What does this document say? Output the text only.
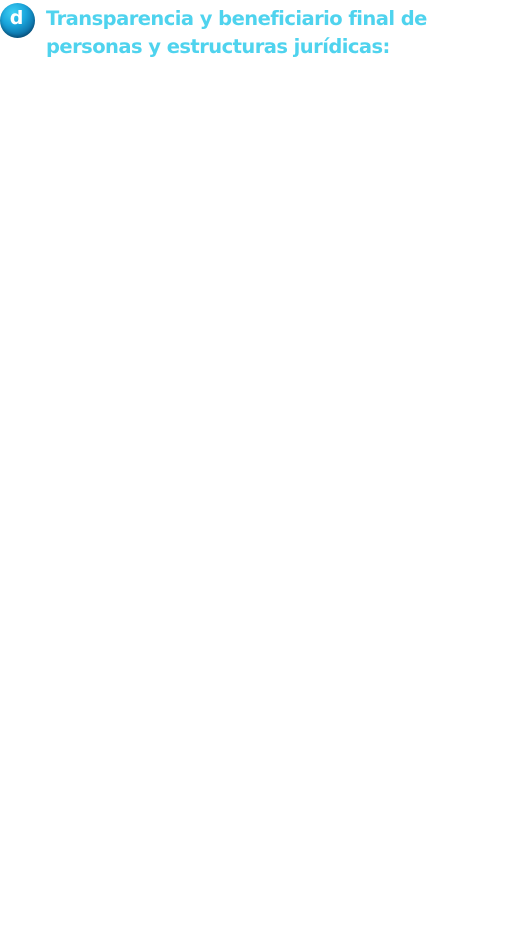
d	Transparencia y beneficiario final de personas y estructuras jurídicas:
